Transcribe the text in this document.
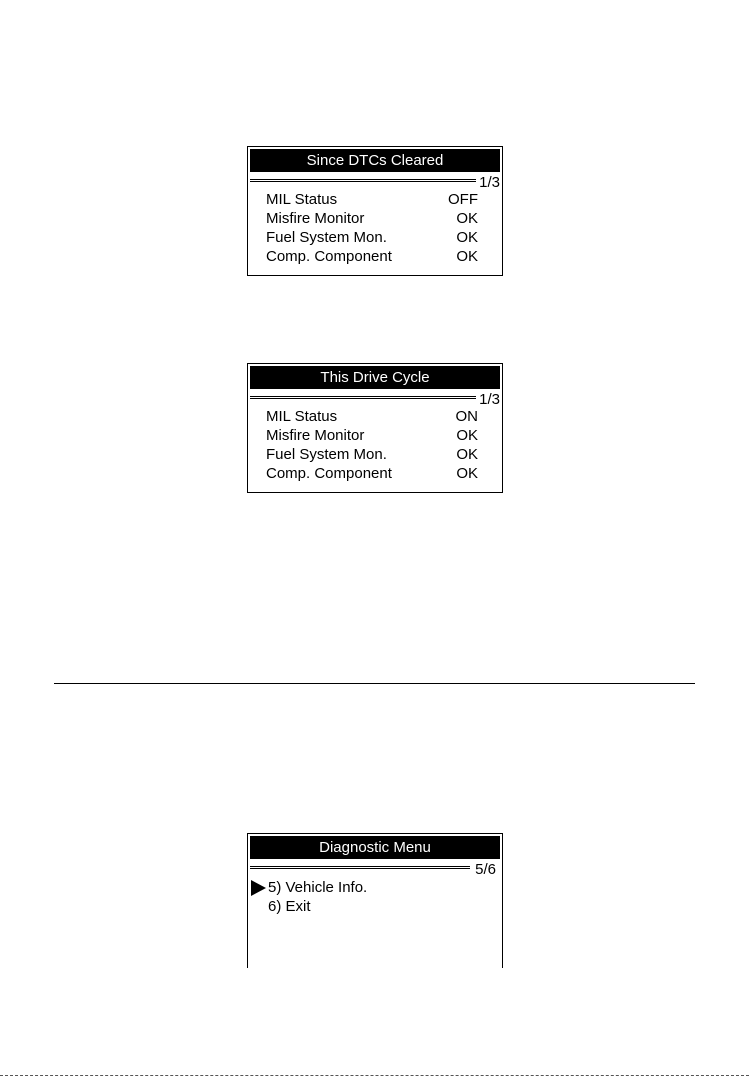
Since DTCs Cleared
1/3
MIL Status	OFF
Misfire Monitor	OK
Fuel System Mon.	OK
Comp. Component	OK
This Drive Cycle
1/3
MIL Status	ON
Misfire Monitor	OK
Fuel System Mon.	OK
Comp. Component	OK
Diagnostic Menu
5/6
5) Vehicle Info.
6) Exit
